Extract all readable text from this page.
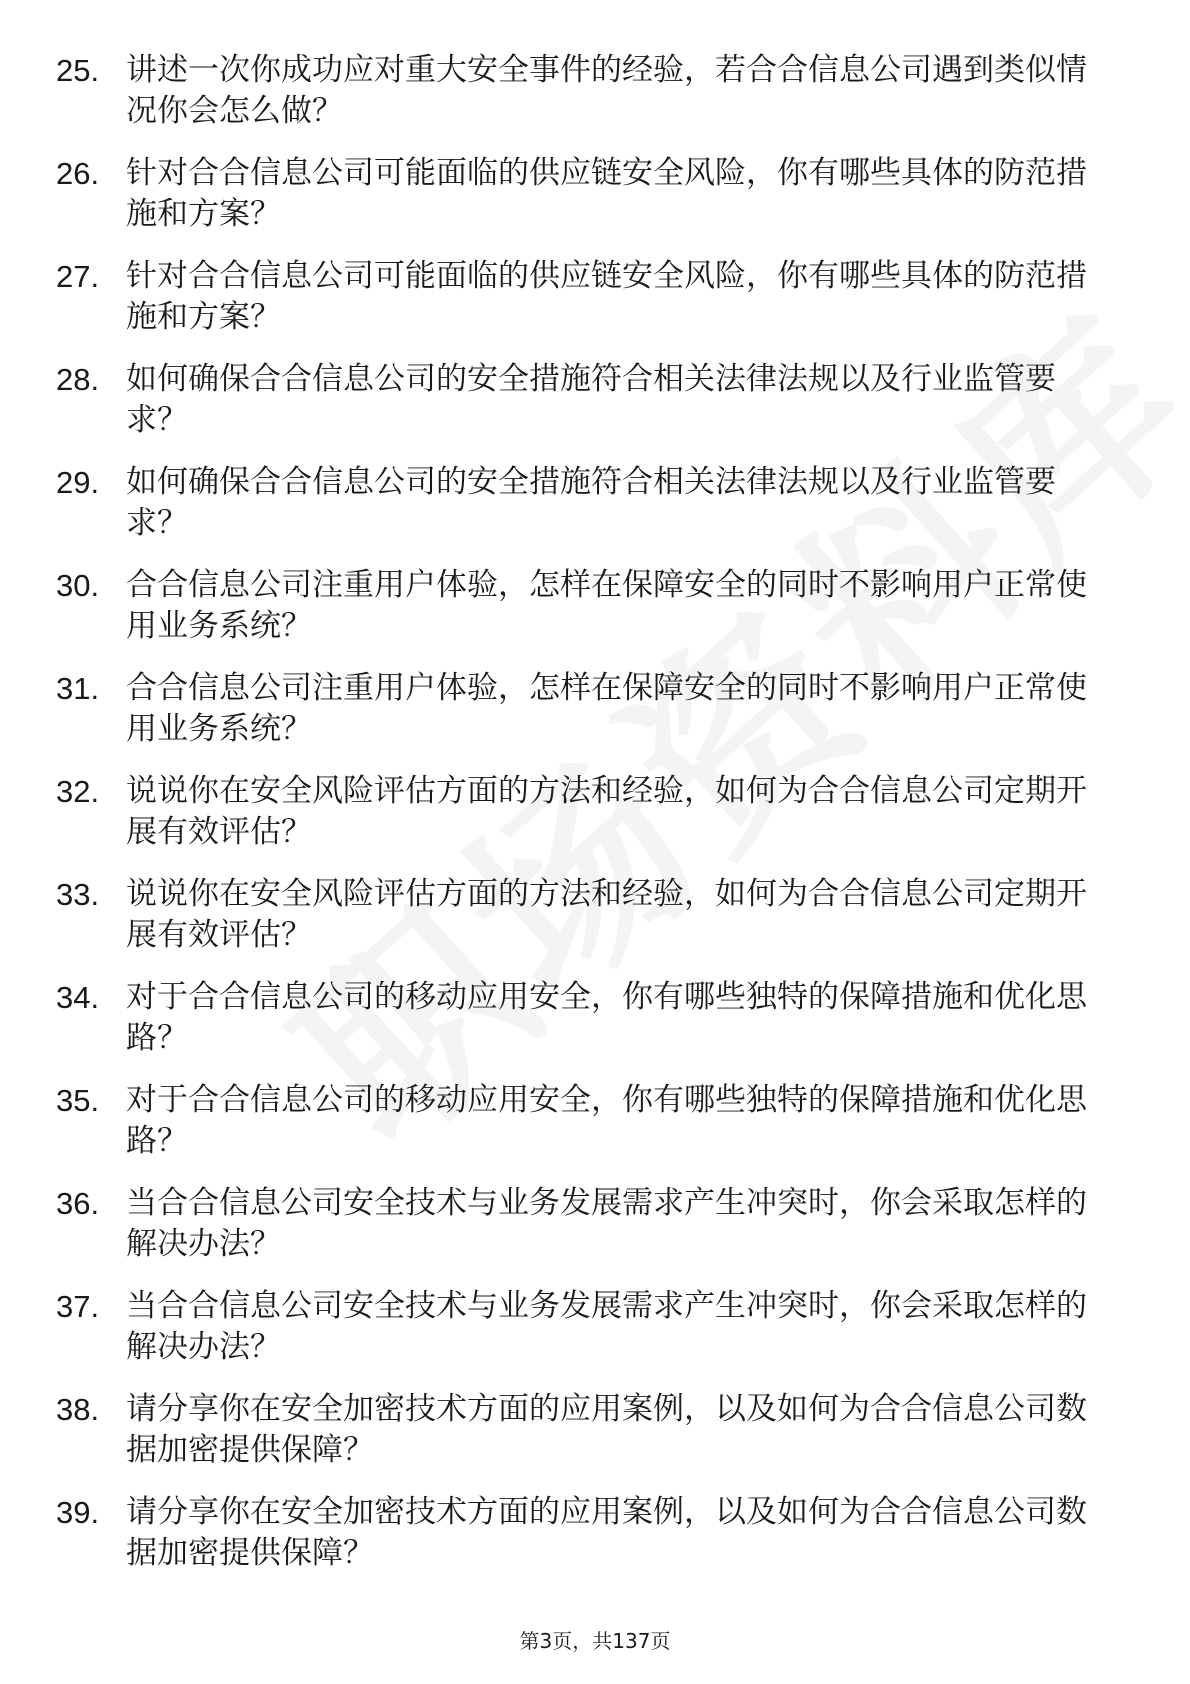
25. 讲述一次你成功应对重大安全事件的经验，若合合信息公司遇到类似情况你会怎么做？
26. 针对合合信息公司可能面临的供应链安全风险，你有哪些具体的防范措施和方案？
27. 针对合合信息公司可能面临的供应链安全风险，你有哪些具体的防范措施和方案？
28. 如何确保合合信息公司的安全措施符合相关法律法规以及行业监管要求？
29. 如何确保合合信息公司的安全措施符合相关法律法规以及行业监管要求？
30. 合合信息公司注重用户体验，怎样在保障安全的同时不影响用户正常使用业务系统？
31. 合合信息公司注重用户体验，怎样在保障安全的同时不影响用户正常使用业务系统？
32. 说说你在安全风险评估方面的方法和经验，如何为合合信息公司定期开展有效评估？
33. 说说你在安全风险评估方面的方法和经验，如何为合合信息公司定期开展有效评估？
34. 对于合合信息公司的移动应用安全，你有哪些独特的保障措施和优化思路？
35. 对于合合信息公司的移动应用安全，你有哪些独特的保障措施和优化思路？
36. 当合合信息公司安全技术与业务发展需求产生冲突时，你会采取怎样的解决办法？
37. 当合合信息公司安全技术与业务发展需求产生冲突时，你会采取怎样的解决办法？
38. 请分享你在安全加密技术方面的应用案例，以及如何为合合信息公司数据加密提供保障？
39. 请分享你在安全加密技术方面的应用案例，以及如何为合合信息公司数据加密提供保障？
第3页，共137页
